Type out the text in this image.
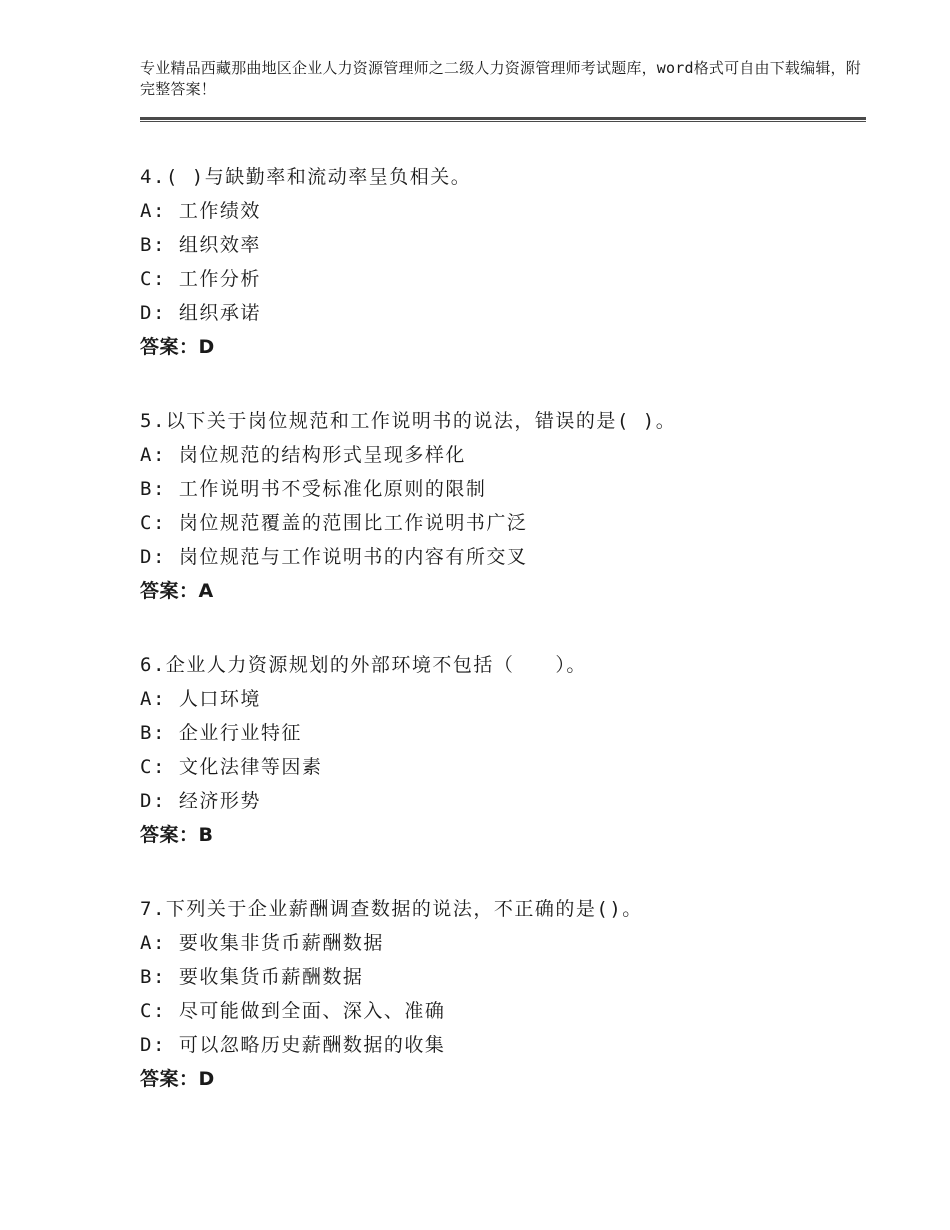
专业精品西藏那曲地区企业人力资源管理师之二级人力资源管理师考试题库，word格式可自由下载编辑，附完整答案！
4.( )与缺勤率和流动率呈负相关。
A: 工作绩效
B: 组织效率
C: 工作分析
D: 组织承诺
答案：D
5.以下关于岗位规范和工作说明书的说法，错误的是( )。
A: 岗位规范的结构形式呈现多样化
B: 工作说明书不受标准化原则的限制
C: 岗位规范覆盖的范围比工作说明书广泛
D: 岗位规范与工作说明书的内容有所交叉
答案：A
6.企业人力资源规划的外部环境不包括（　　）。
A: 人口环境
B: 企业行业特征
C: 文化法律等因素
D: 经济形势
答案：B
7.下列关于企业薪酬调查数据的说法，不正确的是()。
A: 要收集非货币薪酬数据
B: 要收集货币薪酬数据
C: 尽可能做到全面、深入、准确
D: 可以忽略历史薪酬数据的收集
答案：D
